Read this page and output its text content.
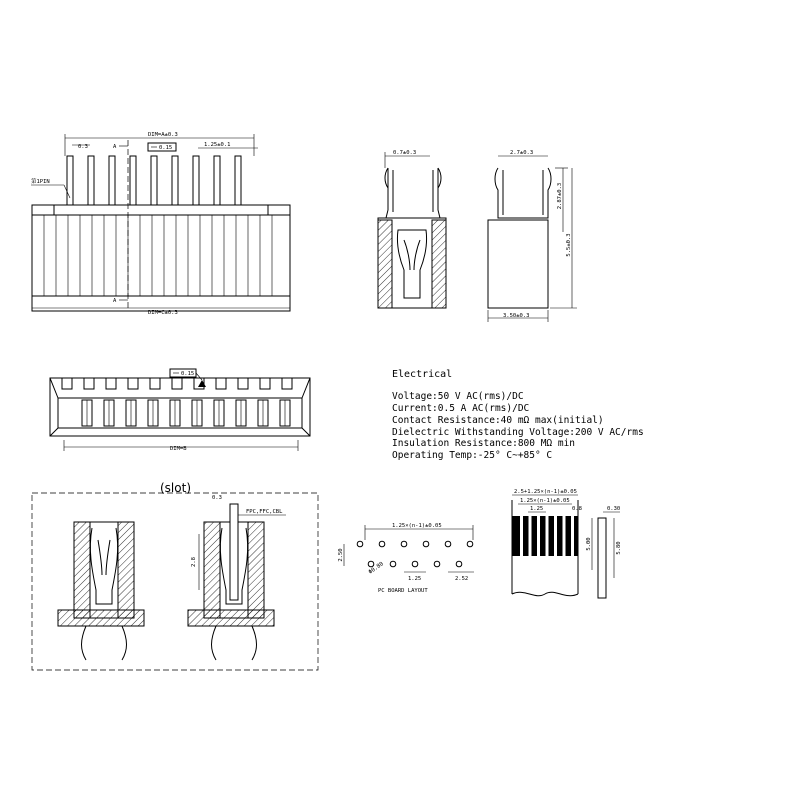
DIM=A±0.3
DIM=C±0.3
0.3	0.15	1.25±0.1
A
A
第1PIN
0.7±0.3	2.7±0.3
2.87±0.3
5.5±0.3
3.50±0.3
DIM=B
0.15	Electrical
Voltage:50 V AC(rms)/DC
Current:0.5 A AC(rms)/DC
Contact Resistance:40 mΩ max(initial)
Dielectric Withstanding Voltage:200 V AC/rms
Insulation Resistance:800 MΩ min
Operating Temp:-25° C~+85° C
(slot)
2.8
0.3
FPC,FFC,CBL
1.25×(n-1)±0.05
2.50
Φ0.80
1.25	2.52
PC BOARD LAYOUT
2.5+1.25×(n-1)±0.05
1.25×(n-1)±0.05
1.25	0.8	0.30
5.00	5.80
